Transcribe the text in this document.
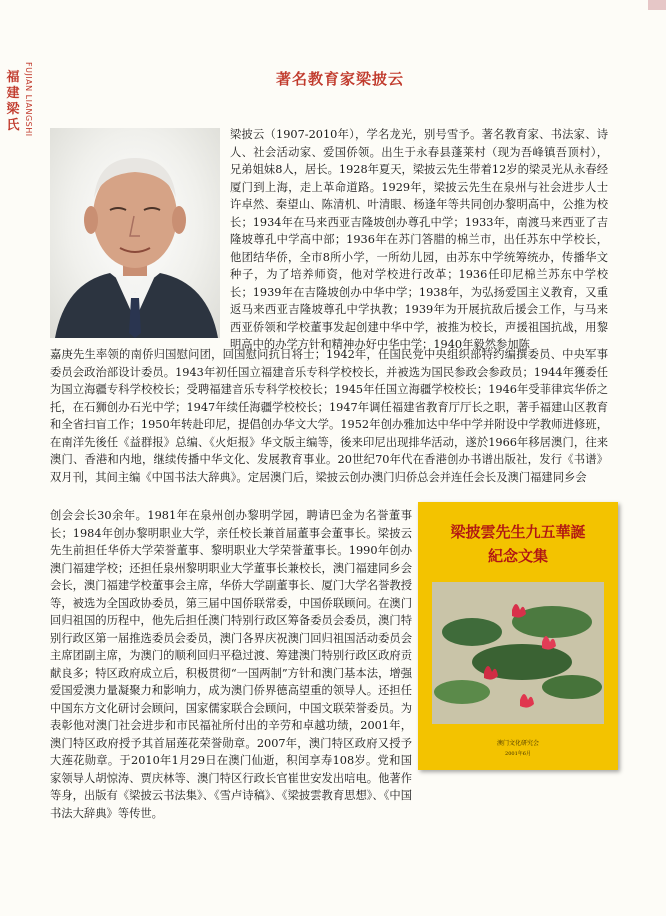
福建梁氏 FUJIAN LIANGSHI	著名教育家梁披云
梁披云（1907-2010年），学名龙光，别号雪予。著名教育家、书法家、诗人、社会活动家、爱国侨领。出生于永春县蓬莱村（现为吾峰镇吾顶村），兄弟姐妹8人，居长。1928年夏天，梁披云先生带着12岁的梁灵光从永春经厦门到上海，走上革命道路。1929年，梁披云先生在泉州与社会进步人士许卓然、秦望山、陈清机、叶清眼、杨逢年等共同创办黎明高中，公推为校长；1934年在马来西亚吉隆坡创办尊孔中学；1933年，南渡马来西亚了吉隆坡尊孔中学高中部；1936年在苏门答腊的棉兰市，出任苏东中学校长，他团结华侨，全市8所小学，一所幼儿园，由苏东中学统筹统办，传播华文种子，为了培养师资，他对学校进行改革；1936任印尼棉兰苏东中学校长；1939年在吉隆坡创办中华中学；1938年，为弘扬爱国主义教育，又重返马来西亚吉隆坡尊孔中学执教；1939年为开展抗敌后援会工作，与马来西亚侨领和学校董事发起创建中华中学，被推为校长，声援祖国抗战，用黎明高中的办学方针和精神办好中华中学；1940年毅然参加陈
嘉庚先生率领的南侨归国慰问团，回国慰问抗日将士；1942年，任国民党中央组织部特约编撰委员、中央军事委员会政治部设计委员。1943年初任国立福建音乐专科学校校长，并被选为国民参政会参政员；1944年獲委任为国立海疆专科学校校长；受聘福建音乐专科学校校长；1945年任国立海疆学校校长；1946年受菲律宾华侨之托，在石狮创办石光中学；1947年续任海疆学校校长；1947年调任福建省教育厅厅长之职，著手福建山区教育和全省扫盲工作；1950年转赴印尼，提倡创办华文大学。1952年创办雅加达中华中学并附设中学教师进修班，在南洋先後任《益群报》总编、《火炬报》华文版主编等，後来印尼出现排华活动，遂於1966年移居澳门，往来澳门、香港和内地，继续传播中华文化、发展教育事业。20世纪70年代在香港创办书谱出版社，发行《书谱》双月刊，其间主编《中国书法大辞典》。定居澳门后，梁披云创办澳门归侨总会并连任会长及澳门福建同乡会
创会会长30余年。1981年在泉州创办黎明学园，聘请巴金为名誉董事长；1984年创办黎明职业大学，亲任校长兼首届董事会董事长。梁披云先生前担任华侨大学荣誉董事、黎明职业大学荣誉董事长。1990年创办澳门福建学校；还担任泉州黎明职业大学董事长兼校长，澳门福建同乡会会长，澳门福建学校董事会主席，华侨大学副董事长、厦门大学名誉教授等，被选为全国政协委员，第三届中国侨联常委，中国侨联顾问。在澳门回归祖国的历程中，他先后担任澳门特别行政区筹备委员会委员，澳门特别行政区第一届推选委员会委员，澳门各界庆祝澳门回归祖国活动委员会主席团副主席，为澳门的顺利回归平稳过渡、筹建澳门特别行政区政府贡献良多；特区政府成立后，积极贯彻“一国两制”方针和澳门基本法，增强爱国爱澳力量凝聚力和影响力，成为澳门侨界德高望重的领导人。还担任中国东方文化研讨会顾问，国家儒家联合会顾问，中国文联荣誉委员。为表彰他对澳门社会进步和市民福祉所付出的辛劳和卓越功绩，2001年，澳门特区政府授予其首届莲花荣誉勋章。2007年，澳门特区政府又授予大莲花勋章。于2010年1月29日在澳门仙逝，积闰享寿108岁。党和国家领导人胡惊涛、贾庆林等、澳门特区行政长官崔世安发出唁电。他著作等身，出版有《梁披云书法集》、《雪卢诗稿》、《梁披雲教育思想》、《中国书法大辞典》等传世。
梁披雲先生九五華誕
紀念文集
澳门文化研究会
2001年6月
